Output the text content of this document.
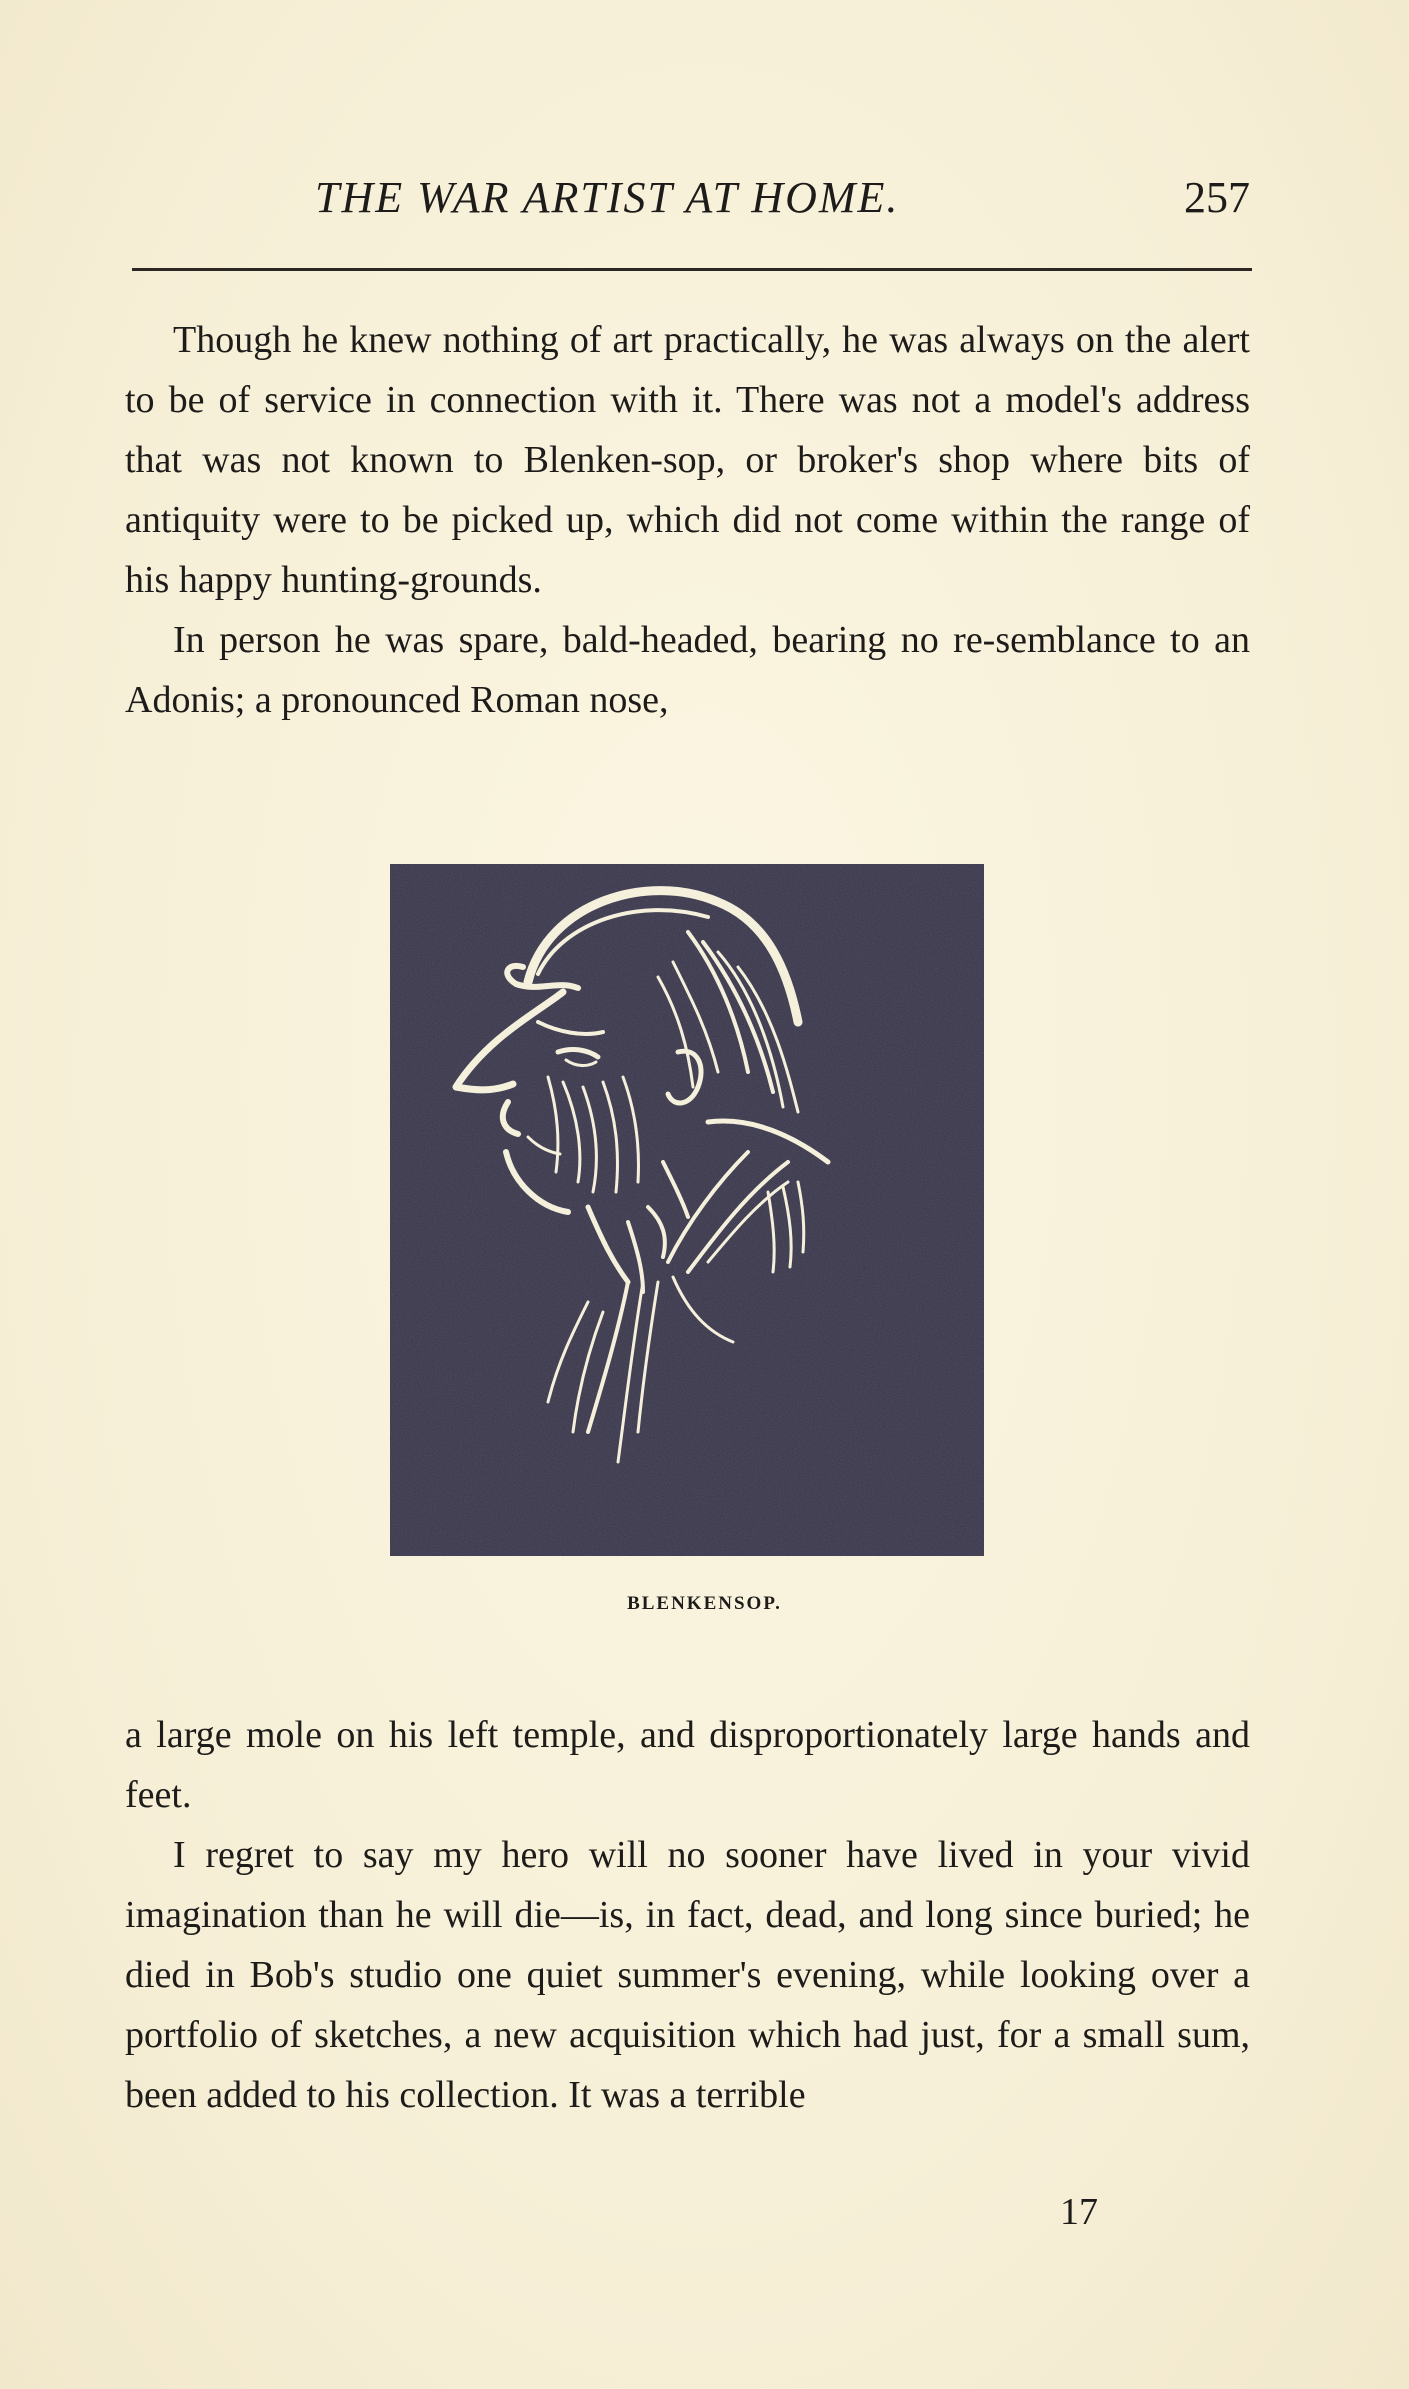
THE WAR ARTIST AT HOME.	257

Though he knew nothing of art practically, he was always on the alert to be of service in connection with it. There was not a model's address that was not known to Blenken-sop, or broker's shop where bits of antiquity were to be picked up, which did not come within the range of his happy hunting-grounds.

In person he was spare, bald-headed, bearing no re-semblance to an Adonis; a pronounced Roman nose,

BLENKENSOP.

a large mole on his left temple, and disproportionately large hands and feet.

I regret to say my hero will no sooner have lived in your vivid imagination than he will die—is, in fact, dead, and long since buried; he died in Bob's studio one quiet summer's evening, while looking over a portfolio of sketches, a new acquisition which had just, for a small sum, been added to his collection. It was a terrible

17
